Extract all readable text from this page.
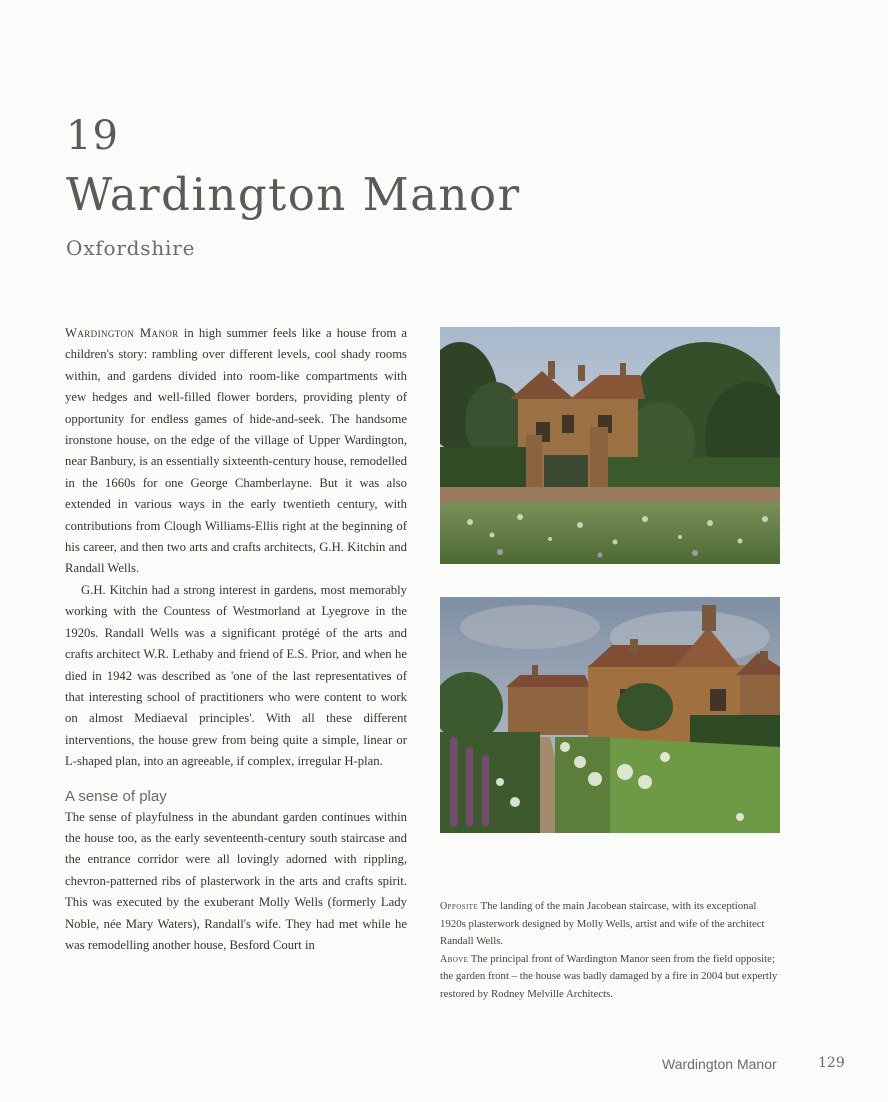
19
Wardington Manor
Oxfordshire

Wardington Manor in high summer feels like a house from a children's story: rambling over different levels, cool shady rooms within, and gardens divided into room-like compartments with yew hedges and well-filled flower borders, providing plenty of opportunity for endless games of hide-and-seek. The handsome ironstone house, on the edge of the village of Upper Wardington, near Banbury, is an essentially sixteenth-century house, remodelled in the 1660s for one George Chamberlayne. But it was also extended in various ways in the early twentieth century, with contributions from Clough Williams-Ellis right at the beginning of his career, and then two arts and crafts architects, G.H. Kitchin and Randall Wells.

G.H. Kitchin had a strong interest in gardens, most memorably working with the Countess of Westmorland at Lyegrove in the 1920s. Randall Wells was a significant protégé of the arts and crafts architect W.R. Lethaby and friend of E.S. Prior, and when he died in 1942 was described as 'one of the last representatives of that interesting school of practitioners who were content to work on almost Mediaeval principles'. With all these different interventions, the house grew from being quite a simple, linear or L-shaped plan, into an agreeable, if complex, irregular H-plan.

A sense of play

The sense of playfulness in the abundant garden continues within the house too, as the early seventeenth-century south staircase and the entrance corridor were all lovingly adorned with rippling, chevron-patterned ribs of plasterwork in the arts and crafts spirit. This was executed by the exuberant Molly Wells (formerly Lady Noble, née Mary Waters), Randall's wife. They had met while he was remodelling another house, Besford Court in

Opposite The landing of the main Jacobean staircase, with its exceptional 1920s plasterwork designed by Molly Wells, artist and wife of the architect Randall Wells.

Above The principal front of Wardington Manor seen from the field opposite; the garden front – the house was badly damaged by a fire in 2004 but expertly restored by Rodney Melville Architects.

Wardington Manor	129
